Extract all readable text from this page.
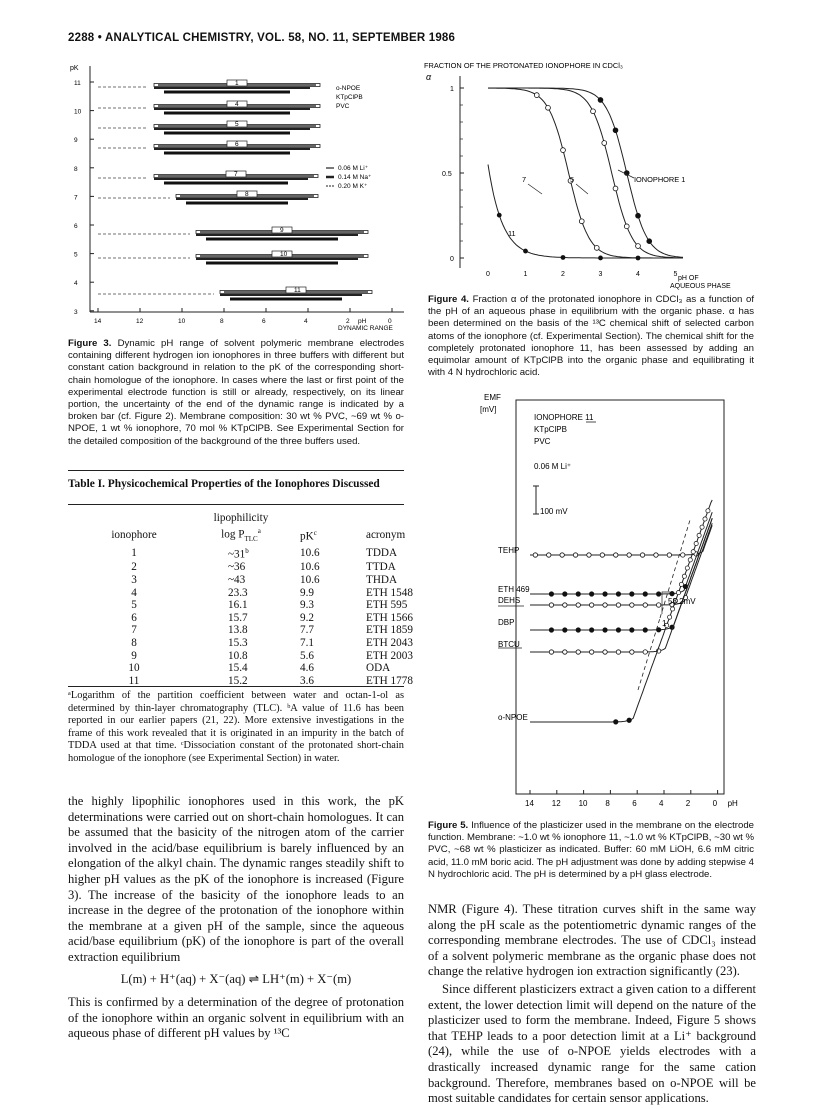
2288 • ANALYTICAL CHEMISTRY, VOL. 58, NO. 11, SEPTEMBER 1986
pK
11
10
9
8
7
6
5
4
3
14	12	10	8	6	4	2	0
pH
DYNAMIC RANGE
1
4
5
6
7
8
9
10
11
o-NPOE
KTpClPB
PVC
0.06 M Li⁺
0.14 M Na⁺
0.20 M K⁺
Figure 3. Dynamic pH range of solvent polymeric membrane electrodes containing different hydrogen ion ionophores in three buffers with different but constant cation background in relation to the pK of the corresponding short-chain homologue of the ionophore. In cases where the last or first point of the experimental electrode function is still or already, respectively, on its linear portion, the uncertainty of the end of the dynamic range is indicated by a broken bar (cf. Figure 2). Membrane composition: 30 wt % PVC, ~69 wt % o-NPOE, 1 wt % ionophore, 70 mol % KTpClPB. See Experimental Section for the detailed composition of the background of the three buffers used.
Table I. Physicochemical Properties of the Ionophores Discussed
	lipophilicity		
ionophore	$\log P_{TLC}^a$	$pK^c$	acronym
1	~31$^b$	10.6	TDDA
2	~36	10.6	TTDA
3	~43	10.6	THDA
4	23.3	9.9	ETH 1548
5	16.1	9.3	ETH 595
6	15.7	9.2	ETH 1566
7	13.8	7.7	ETH 1859
8	15.3	7.1	ETH 2043
9	10.8	5.6	ETH 2003
10	15.4	4.6	ODA
11	15.2	3.6	ETH 1778
ᵃLogarithm of the partition coefficient between water and octan-1-ol as determined by thin-layer chromatography (TLC). ᵇA value of 11.6 has been reported in our earlier papers (21, 22). More extensive investigations in the frame of this work revealed that it is originated in an impurity in the batch of TDDA used at that time. ᶜDissociation constant of the protonated short-chain homologue of the ionophore (see Experimental Section) in water.

the highly lipophilic ionophores used in this work, the pK determinations were carried out on short-chain homologues. It can be assumed that the basicity of the nitrogen atom of the carrier involved in the acid/base equilibrium is barely influenced by an elongation of the alkyl chain. The dynamic ranges steadily shift to higher pH values as the pK of the ionophore is increased (Figure 3). The increase of the basicity of the ionophore leads to an increase in the degree of the protonation of the ionophore within the membrane at a given pH of the sample, since the aqueous acid/base equilibrium (pK) of the ionophore is part of the overall extraction equilibrium

L(m) + H⁺(aq) + X⁻(aq) ⇌ LH⁺(m) + X⁻(m)

This is confirmed by a determination of the degree of protonation of the ionophore within an organic solvent in equilibrium with an aqueous phase of different pH values by ¹³C

FRACTION OF THE PROTONATED IONOPHORE IN CDCl₃
α
1
0.5
0
0	1	2	3	4	5
pH OF
AQUEOUS PHASE
7	5	IONOPHORE 1
11
Figure 4. Fraction α of the protonated ionophore in CDCl₃ as a function of the pH of an aqueous phase in equilibrium with the organic phase. α has been determined on the basis of the ¹³C chemical shift of selected carbon atoms of the ionophore (cf. Experimental Section). The chemical shift for the completely protonated ionophore 11, has been assessed by adding an equimolar amount of KTpClPB into the organic phase and equilibrating it with 4 N hydrochloric acid.
EMF
[mV]
IONOPHORE 11
KTpClPB
PVC
0.06 M Li⁺
100 mV
TEHP
ETH 469
DEHS
DBP
BTCU
o-NPOE
58.2mV
1
14 12 10 8	6	4	2	0 pH
Figure 5. Influence of the plasticizer used in the membrane on the electrode function. Membrane: ~1.0 wt % ionophore 11, ~1.0 wt % KTpClPB, ~30 wt % PVC, ~68 wt % plasticizer as indicated. Buffer: 60 mM LiOH, 6.6 mM citric acid, 11.0 mM boric acid. The pH adjustment was done by adding stepwise 4 N hydrochloric acid. The pH is determined by a pH glass electrode.

NMR (Figure 4). These titration curves shift in the same way along the pH scale as the potentiometric dynamic ranges of the corresponding membrane electrodes. The use of CDCl₃ instead of a solvent polymeric membrane as the organic phase does not change the relative hydrogen ion extraction significantly (23).

Since different plasticizers extract a given cation to a different extent, the lower detection limit will depend on the nature of the plasticizer used to form the membrane. Indeed, Figure 5 shows that TEHP leads to a poor detection limit at a Li⁺ background (24), while the use of o-NPOE yields electrodes with a drastically increased dynamic range for the same cation background. Therefore, membranes based on o-NPOE will be most suitable candidates for certain sensor applications.
